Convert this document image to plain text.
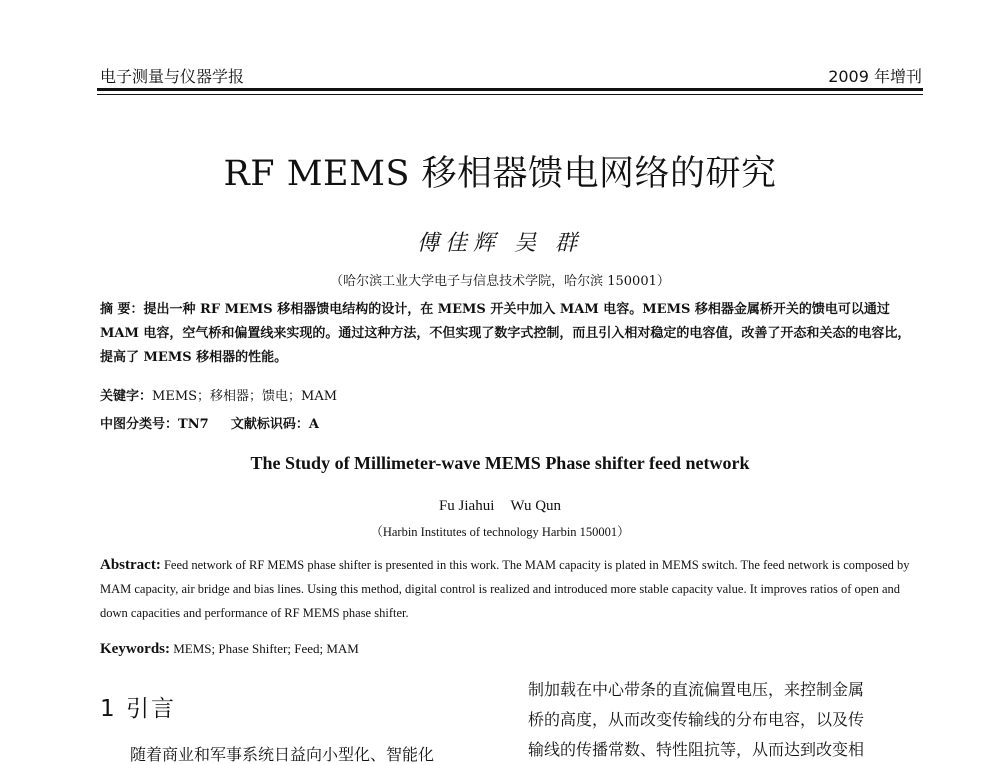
电子测量与仪器学报	2009 年增刊
RF MEMS 移相器馈电网络的研究
傅佳辉 吴 群
（哈尔滨工业大学电子与信息技术学院，哈尔滨 150001）
摘 要：提出一种 RF MEMS 移相器馈电结构的设计，在 MEMS 开关中加入 MAM 电容。MEMS 移相器金属桥开关的馈电可以通过 MAM 电容，空气桥和偏置线来实现的。通过这种方法，不但实现了数字式控制，而且引入相对稳定的电容值，改善了开态和关态的电容比，提高了 MEMS 移相器的性能。
关键字：MEMS；移相器；馈电；MAM
中图分类号：TN7 文献标识码：A
The Study of Millimeter-wave MEMS Phase shifter feed network
Fu Jiahui Wu Qun
（Harbin Institutes of technology Harbin 150001）
Abstract: Feed network of RF MEMS phase shifter is presented in this work. The MAM capacity is plated in MEMS switch. The feed network is composed by MAM capacity, air bridge and bias lines. Using this method, digital control is realized and introduced more stable capacity value. It improves ratios of open and down capacities and performance of RF MEMS phase shifter.
Keywords: MEMS; Phase Shifter; Feed; MAM
1 引言
随着商业和军事系统日益向小型化、智能化
制加载在中心带条的直流偏置电压，来控制金属
桥的高度，从而改变传输线的分布电容，以及传
输线的传播常数、特性阻抗等，从而达到改变相
